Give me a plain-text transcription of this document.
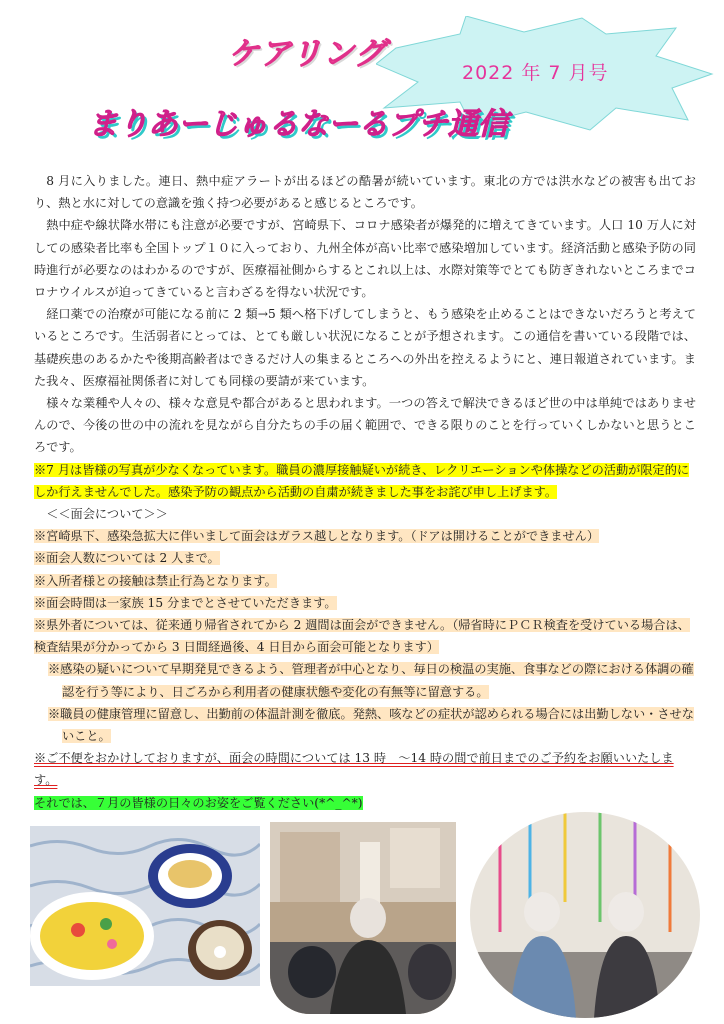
ケアリング
2022 年 7 月号
まりあーじゅるなーるプチ通信

8 月に入りました。連日、熱中症アラートが出るほどの酷暑が続いています。東北の方では洪水などの被害も出ており、熱と水に対しての意識を強く持つ必要があると感じるところです。

熱中症や線状降水帯にも注意が必要ですが、宮崎県下、コロナ感染者が爆発的に増えてきています。人口 10 万人に対しての感染者比率も全国トップ１０に入っており、九州全体が高い比率で感染増加しています。経済活動と感染予防の同時進行が必要なのはわかるのですが、医療福祉側からするとこれ以上は、水際対策等でとても防ぎきれないところまでコロナウイルスが迫ってきていると言わざるを得ない状況です。

経口薬での治療が可能になる前に 2 類→5 類へ格下げしてしまうと、もう感染を止めることはできないだろうと考えているところです。生活弱者にとっては、とても厳しい状況になることが予想されます。この通信を書いている段階では、基礎疾患のあるかたや後期高齢者はできるだけ人の集まるところへの外出を控えるようにと、連日報道されています。また我々、医療福祉関係者に対しても同様の要請が来ています。

様々な業種や人々の、様々な意見や都合があると思われます。一つの答えで解決できるほど世の中は単純ではありませんので、今後の世の中の流れを見ながら自分たちの手の届く範囲で、できる限りのことを行っていくしかないと思うところです。

※7 月は皆様の写真が少なくなっています。職員の濃厚接触疑いが続き、レクリエーションや体操などの活動が限定的にしか行えませんでした。感染予防の観点から活動の自粛が続きました事をお詫び申し上げます。
＜＜面会について＞＞
※宮崎県下、感染急拡大に伴いまして面会はガラス越しとなります。（ドアは開けることができません）
※面会人数については 2 人まで。
※入所者様との接触は禁止行為となります。
※面会時間は一家族 15 分までとさせていただきます。
※県外者については、従来通り帰省されてから 2 週間は面会ができません。（帰省時にＰＣＲ検査を受けている場合は、検査結果が分かってから 3 日間経過後、4 日目から面会可能となります）
※感染の疑いについて早期発見できるよう、管理者が中心となり、毎日の検温の実施、食事などの際における体調の確認を行う等により、日ごろから利用者の健康状態や変化の有無等に留意する。
※職員の健康管理に留意し、出勤前の体温計測を徹底。発熱、咳などの症状が認められる場合には出勤しない・させないこと。
※ご不便をおかけしておりますが、面会の時間については 13 時　～14 時の間で前日までのご予約をお願いいたします。
それでは、７月の皆様の日々のお姿をご覧ください(*^_^*)
